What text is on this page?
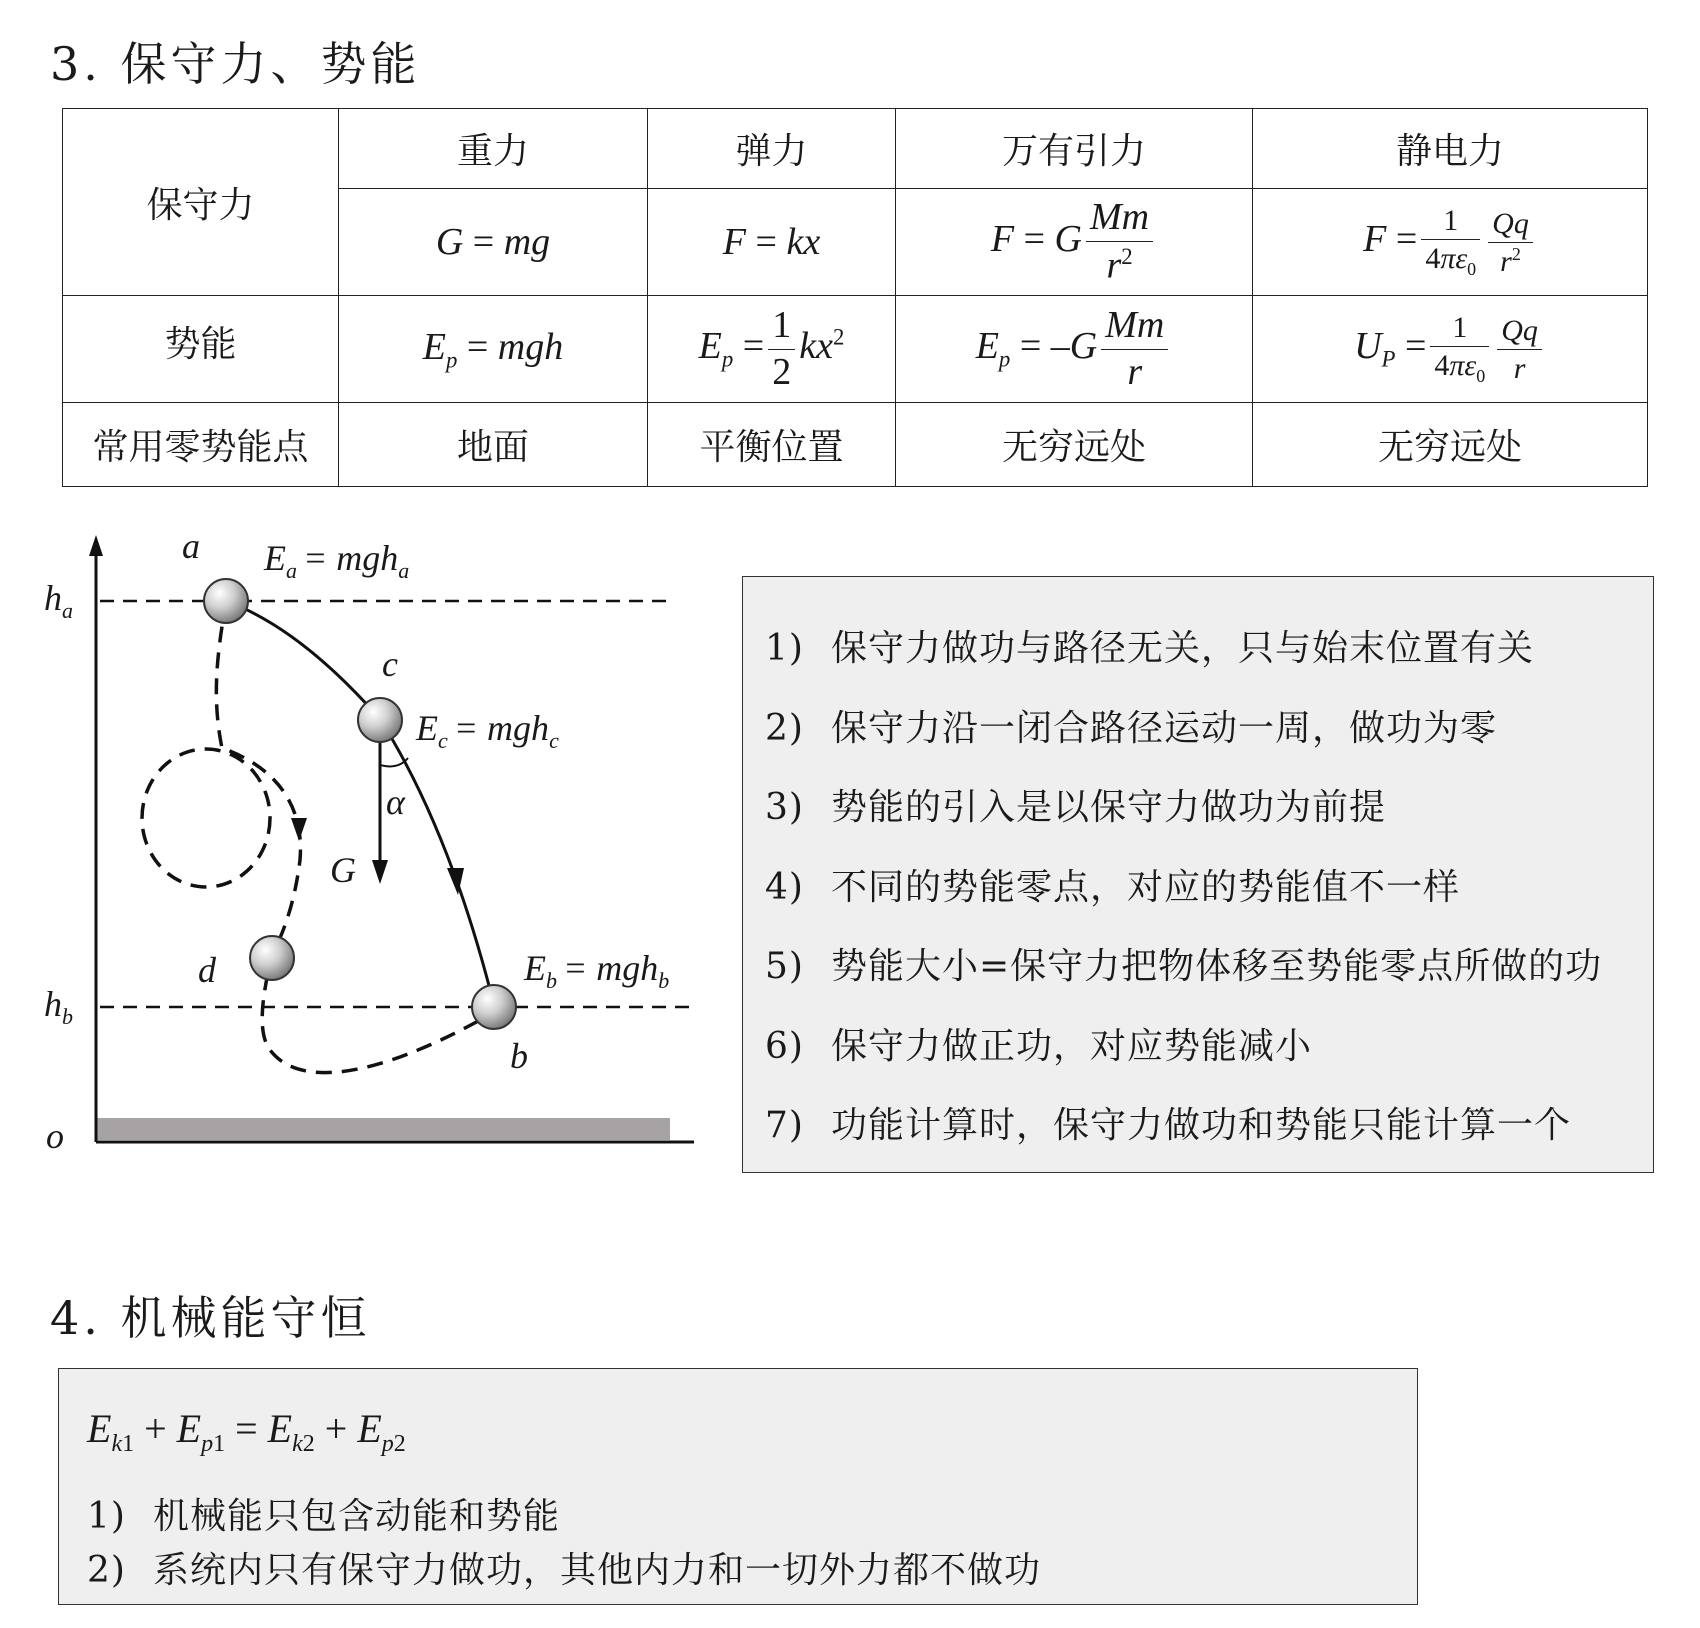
3. 保守力、势能
保守力	重力	弹力	万有引力	静电力
	G = mg	F = kx	F = G $\frac{Mm}{r^2}$	$F = \frac{1}{4\pi\varepsilon_0} \frac{Qq}{r^2}$

势能	$E_p$ = mgh	$E_p = \frac{1}{2} kx^2$	$E_p = -G \frac{Mm}{r}$	$U_P = \frac{1}{4\pi\varepsilon_0} \frac{Qq}{r}$

常用零势能点	地面	平衡位置	无穷远处	无穷远处
$h_a$
$h_b$
o
a
c
d
b
G
α
$E_a = mgh_a$
$E_c = mgh_c$
$E_b = mgh_b$
1) 保守力做功与路径无关，只与始末位置有关
2) 保守力沿一闭合路径运动一周，做功为零
3) 势能的引入是以保守力做功为前提
4) 不同的势能零点，对应的势能值不一样
5) 势能大小=保守力把物体移至势能零点所做的功
6) 保守力做正功，对应势能减小
7) 功能计算时，保守力做功和势能只能计算一个
4. 机械能守恒
$E_{k1} + E_{p1} = E_{k2} + E_{p2}$
1) 机械能只包含动能和势能
2) 系统内只有保守力做功，其他内力和一切外力都不做功
